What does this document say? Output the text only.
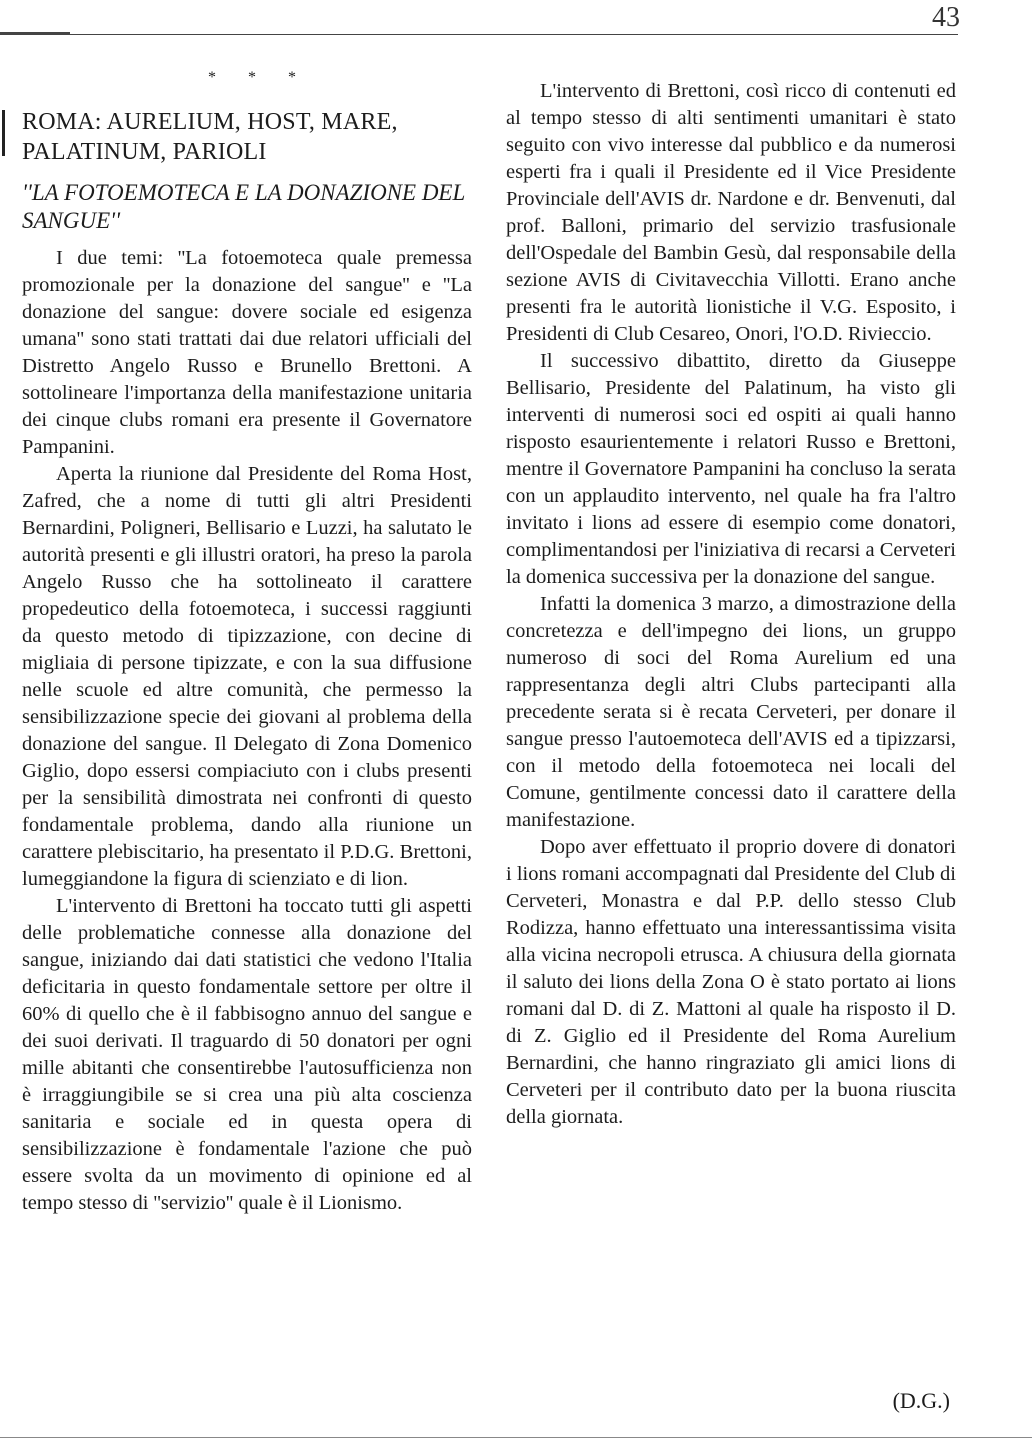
43
* * *
ROMA: AURELIUM, HOST, MARE, PALATINUM, PARIOLI
''LA FOTOEMOTECA E LA DONAZIONE DEL SANGUE''

I due temi: ''La fotoemoteca quale premessa promozionale per la donazione del sangue'' e ''La donazione del sangue: dovere sociale ed esigenza umana'' sono stati trattati dai due relatori ufficiali del Distretto Angelo Russo e Brunello Brettoni. A sottolineare l'importanza della manifestazione unitaria dei cinque clubs romani era presente il Governatore Pampanini.

Aperta la riunione dal Presidente del Roma Host, Zafred, che a nome di tutti gli altri Presidenti Bernardini, Poligneri, Bellisario e Luzzi, ha salutato le autorità presenti e gli illustri oratori, ha preso la parola Angelo Russo che ha sottolineato il carattere propedeutico della fotoemoteca, i successi raggiunti da questo metodo di tipizzazione, con decine di migliaia di persone tipizzate, e con la sua diffusione nelle scuole ed altre comunità, che permesso la sensibilizzazione specie dei giovani al problema della donazione del sangue. Il Delegato di Zona Domenico Giglio, dopo essersi compiaciuto con i clubs presenti per la sensibilità dimostrata nei confronti di questo fondamentale problema, dando alla riunione un carattere plebiscitario, ha presentato il P.D.G. Brettoni, lumeggiandone la figura di scienziato e di lion.

L'intervento di Brettoni ha toccato tutti gli aspetti delle problematiche connesse alla donazione del sangue, iniziando dai dati statistici che vedono l'Italia deficitaria in questo fondamentale settore per oltre il 60% di quello che è il fabbisogno annuo del sangue e dei suoi derivati. Il traguardo di 50 donatori per ogni mille abitanti che consentirebbe l'autosufficienza non è irraggiungibile se si crea una più alta coscienza sanitaria e sociale ed in questa opera di sensibilizzazione è fondamentale l'azione che può essere svolta da un movimento di opinione ed al tempo stesso di ''servizio'' quale è il Lionismo.

L'intervento di Brettoni, così ricco di contenuti ed al tempo stesso di alti sentimenti umanitari è stato seguito con vivo interesse dal pubblico e da numerosi esperti fra i quali il Presidente ed il Vice Presidente Provinciale dell'AVIS dr. Nardone e dr. Benvenuti, dal prof. Balloni, primario del servizio trasfusionale dell'Ospedale del Bambin Gesù, dal responsabile della sezione AVIS di Civitavecchia Villotti. Erano anche presenti fra le autorità lionistiche il V.G. Esposito, i Presidenti di Club Cesareo, Onori, l'O.D. Rivieccio.

Il successivo dibattito, diretto da Giuseppe Bellisario, Presidente del Palatinum, ha visto gli interventi di numerosi soci ed ospiti ai quali hanno risposto esaurientemente i relatori Russo e Brettoni, mentre il Governatore Pampanini ha concluso la serata con un applaudito intervento, nel quale ha fra l'altro invitato i lions ad essere di esempio come donatori, complimentandosi per l'iniziativa di recarsi a Cerveteri la domenica successiva per la donazione del sangue.

Infatti la domenica 3 marzo, a dimostrazione della concretezza e dell'impegno dei lions, un gruppo numeroso di soci del Roma Aurelium ed una rappresentanza degli altri Clubs partecipanti alla precedente serata si è recata Cerveteri, per donare il sangue presso l'autoemoteca dell'AVIS ed a tipizzarsi, con il metodo della fotoemoteca nei locali del Comune, gentilmente concessi dato il carattere della manifestazione.

Dopo aver effettuato il proprio dovere di donatori i lions romani accompagnati dal Presidente del Club di Cerveteri, Monastra e dal P.P. dello stesso Club Rodizza, hanno effettuato una interessantissima visita alla vicina necropoli etrusca. A chiusura della giornata il saluto dei lions della Zona O è stato portato ai lions romani dal D. di Z. Mattoni al quale ha risposto il D. di Z. Giglio ed il Presidente del Roma Aurelium Bernardini, che hanno ringraziato gli amici lions di Cerveteri per il contributo dato per la buona riuscita della giornata.

(D.G.)
